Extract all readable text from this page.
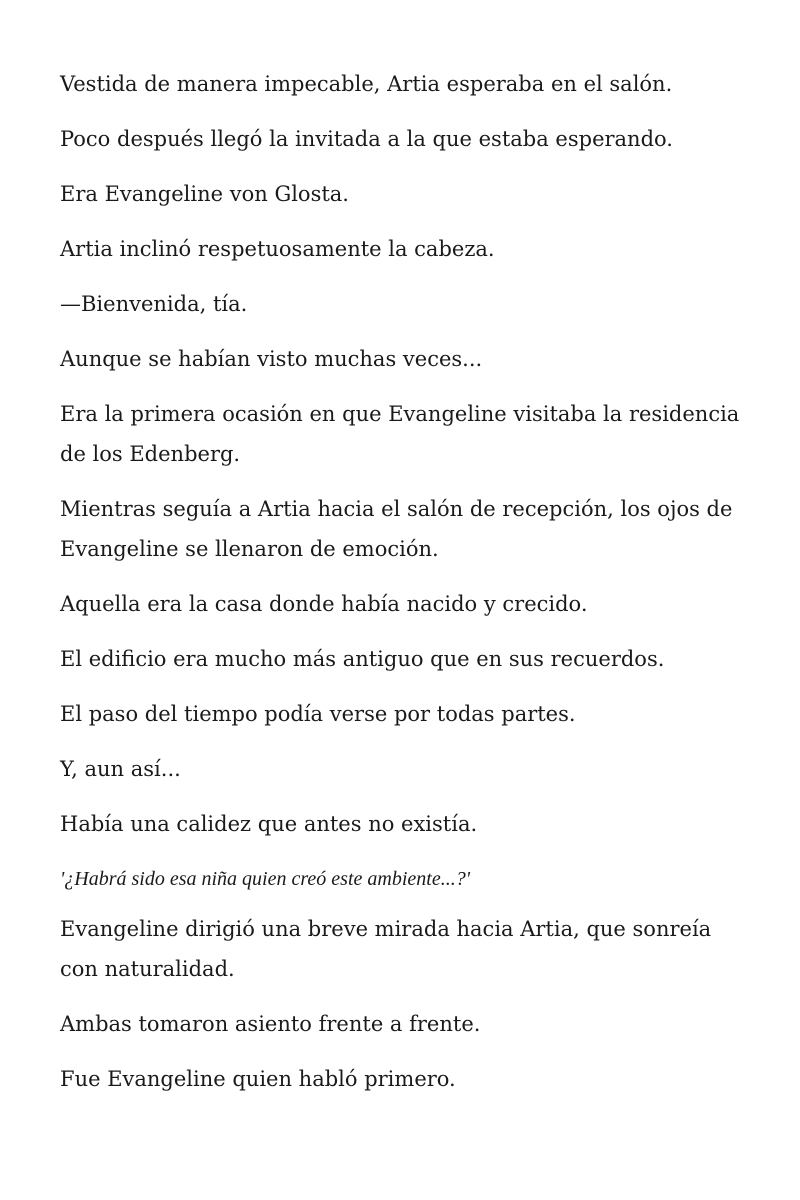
Vestida de manera impecable, Artia esperaba en el salón.

Poco después llegó la invitada a la que estaba esperando.

Era Evangeline von Glosta.

Artia inclinó respetuosamente la cabeza.

—Bienvenida, tía.

Aunque se habían visto muchas veces...

Era la primera ocasión en que Evangeline visitaba la residencia de los Edenberg.

Mientras seguía a Artia hacia el salón de recepción, los ojos de Evangeline se llenaron de emoción.

Aquella era la casa donde había nacido y crecido.

El edificio era mucho más antiguo que en sus recuerdos.

El paso del tiempo podía verse por todas partes.

Y, aun así...

Había una calidez que antes no existía.

'¿Habrá sido esa niña quien creó este ambiente...?'

Evangeline dirigió una breve mirada hacia Artia, que sonreía con naturalidad.

Ambas tomaron asiento frente a frente.

Fue Evangeline quien habló primero.
